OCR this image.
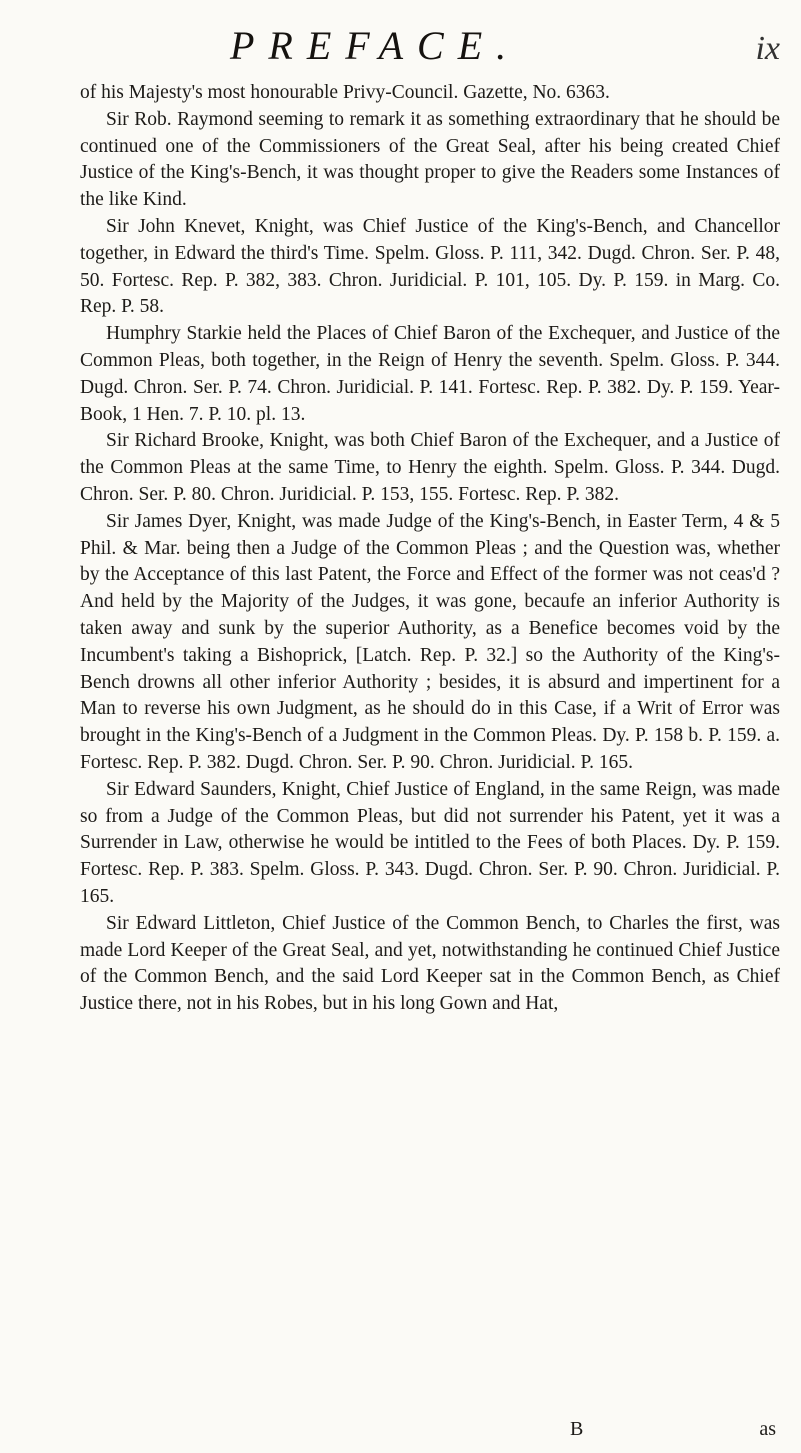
PREFACE.	ix

of his Majesty's most honourable Privy-Council. Gazette, No. 6363.

Sir Rob. Raymond seeming to remark it as something extraordinary that he should be continued one of the Commissioners of the Great Seal, after his being created Chief Justice of the King's-Bench, it was thought proper to give the Readers some Instances of the like Kind.

Sir John Knevet, Knight, was Chief Justice of the King's-Bench, and Chancellor together, in Edward the third's Time. Spelm. Gloss. P. 111, 342. Dugd. Chron. Ser. P. 48, 50. Fortesc. Rep. P. 382, 383. Chron. Juridicial. P. 101, 105. Dy. P. 159. in Marg. Co. Rep. P. 58.

Humphry Starkie held the Places of Chief Baron of the Exchequer, and Justice of the Common Pleas, both together, in the Reign of Henry the seventh. Spelm. Gloss. P. 344. Dugd. Chron. Ser. P. 74. Chron. Juridicial. P. 141. Fortesc. Rep. P. 382. Dy. P. 159. Year-Book, 1 Hen. 7. P. 10. pl. 13.

Sir Richard Brooke, Knight, was both Chief Baron of the Exchequer, and a Justice of the Common Pleas at the same Time, to Henry the eighth. Spelm. Gloss. P. 344. Dugd. Chron. Ser. P. 80. Chron. Juridicial. P. 153, 155. Fortesc. Rep. P. 382.

Sir James Dyer, Knight, was made Judge of the King's-Bench, in Easter Term, 4 & 5 Phil. & Mar. being then a Judge of the Common Pleas ; and the Question was, whether by the Acceptance of this last Patent, the Force and Effect of the former was not ceas'd ? And held by the Majority of the Judges, it was gone, becaufe an inferior Authority is taken away and sunk by the superior Authority, as a Benefice becomes void by the Incumbent's taking a Bishoprick, [Latch. Rep. P. 32.] so the Authority of the King's-Bench drowns all other inferior Authority ; besides, it is absurd and impertinent for a Man to reverse his own Judgment, as he should do in this Case, if a Writ of Error was brought in the King's-Bench of a Judgment in the Common Pleas. Dy. P. 158 b. P. 159. a. Fortesc. Rep. P. 382. Dugd. Chron. Ser. P. 90. Chron. Juridicial. P. 165.

Sir Edward Saunders, Knight, Chief Justice of England, in the same Reign, was made so from a Judge of the Common Pleas, but did not surrender his Patent, yet it was a Surrender in Law, otherwise he would be intitled to the Fees of both Places. Dy. P. 159. Fortesc. Rep. P. 383. Spelm. Gloss. P. 343. Dugd. Chron. Ser. P. 90. Chron. Juridicial. P. 165.

Sir Edward Littleton, Chief Justice of the Common Bench, to Charles the first, was made Lord Keeper of the Great Seal, and yet, notwithstanding he continued Chief Justice of the Common Bench, and the said Lord Keeper sat in the Common Bench, as Chief Justice there, not in his Robes, but in his long Gown and Hat,

B	as
